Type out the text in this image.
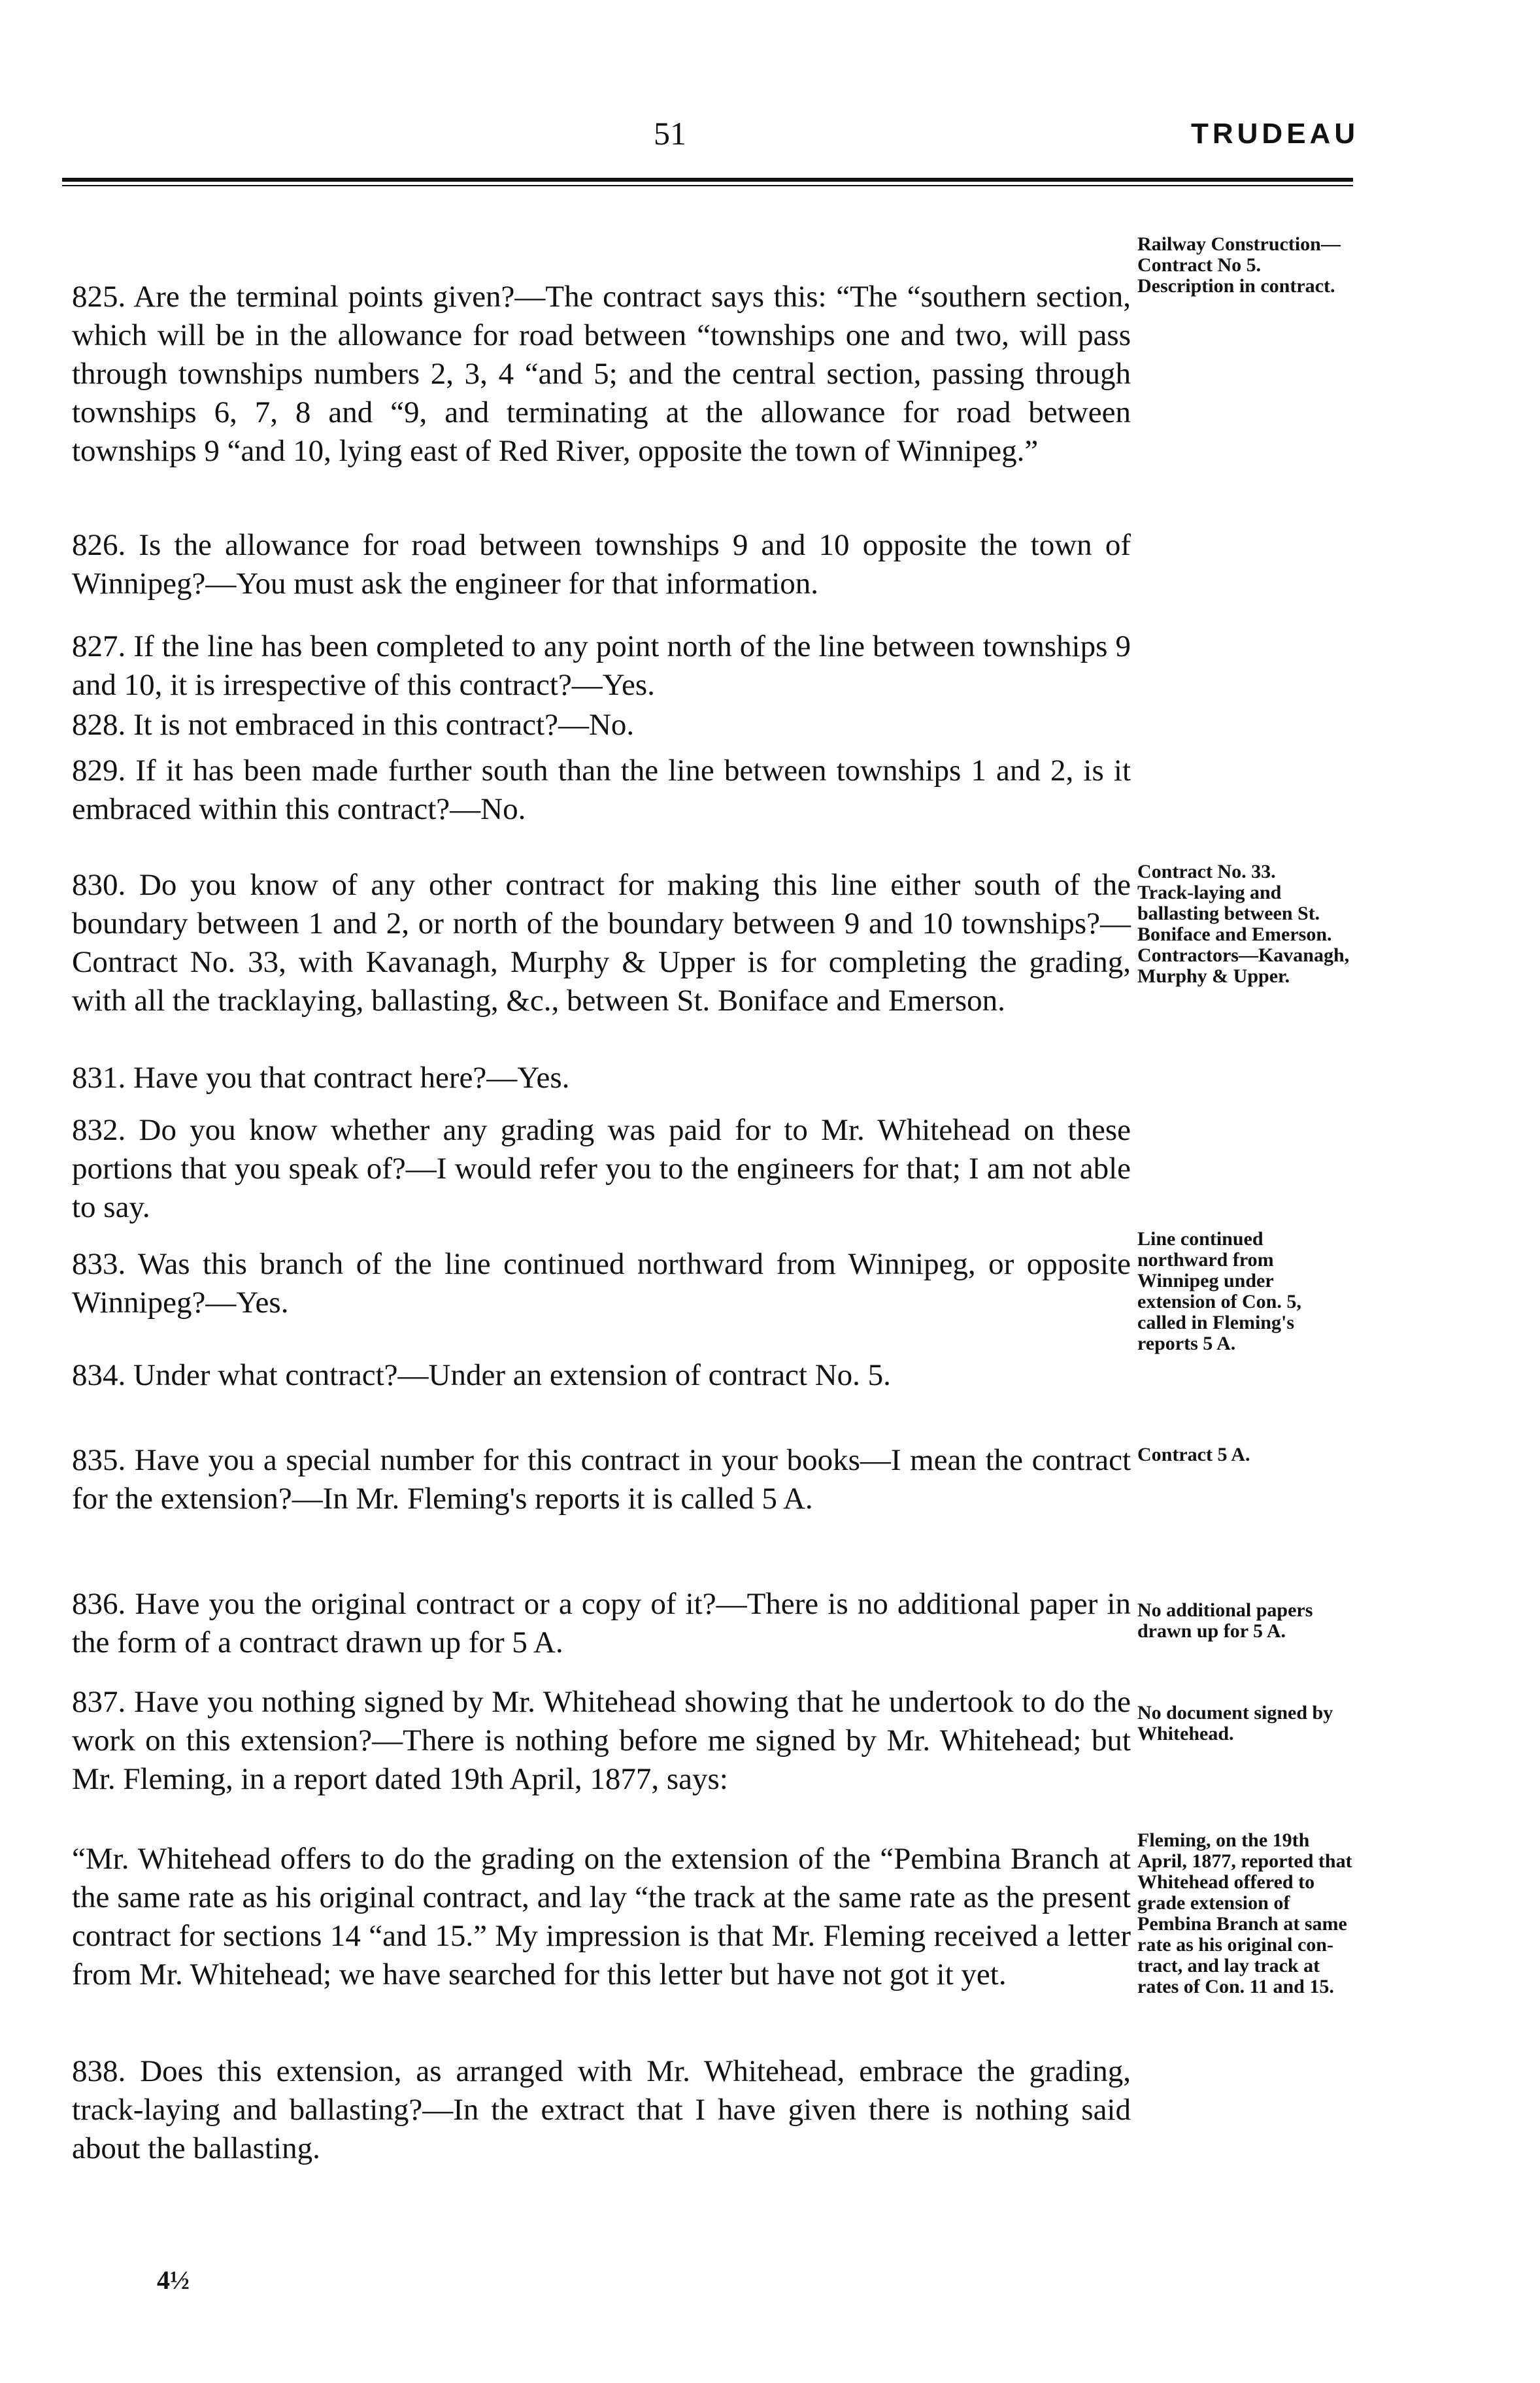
51	TRUDEAU

825. Are the terminal points given?—The contract says this: “The “southern section, which will be in the allowance for road between “townships one and two, will pass through townships numbers 2, 3, 4 “and 5; and the central section, passing through townships 6, 7, 8 and “9, and terminating at the allowance for road between townships 9 “and 10, lying east of Red River, opposite the town of Winnipeg.”

826. Is the allowance for road between townships 9 and 10 opposite the town of Winnipeg?—You must ask the engineer for that information.

827. If the line has been completed to any point north of the line between townships 9 and 10, it is irrespective of this contract?—Yes.

828. It is not embraced in this contract?—No.

829. If it has been made further south than the line between townships 1 and 2, is it embraced within this contract?—No.

830. Do you know of any other contract for making this line either south of the boundary between 1 and 2, or north of the boundary between 9 and 10 townships?—Contract No. 33, with Kavanagh, Murphy & Upper is for completing the grading, with all the tracklaying, ballasting, &c., between St. Boniface and Emerson.

831. Have you that contract here?—Yes.

832. Do you know whether any grading was paid for to Mr. Whitehead on these portions that you speak of?—I would refer you to the engineers for that; I am not able to say.

833. Was this branch of the line continued northward from Winnipeg, or opposite Winnipeg?—Yes.

834. Under what contract?—Under an extension of contract No. 5.

835. Have you a special number for this contract in your books—I mean the contract for the extension?—In Mr. Fleming's reports it is called 5 A.

836. Have you the original contract or a copy of it?—There is no additional paper in the form of a contract drawn up for 5 A.

837. Have you nothing signed by Mr. Whitehead showing that he undertook to do the work on this extension?—There is nothing before me signed by Mr. Whitehead; but Mr. Fleming, in a report dated 19th April, 1877, says:

“Mr. Whitehead offers to do the grading on the extension of the “Pembina Branch at the same rate as his original contract, and lay “the track at the same rate as the present contract for sections 14 “and 15.” My impression is that Mr. Fleming received a letter from Mr. Whitehead; we have searched for this letter but have not got it yet.

838. Does this extension, as arranged with Mr. Whitehead, embrace the grading, track-laying and ballasting?—In the extract that I have given there is nothing said about the ballasting.

4½
Railway Construction—Contract No 5.
Description in contract.
Contract No. 33.
Track-laying and ballasting between St. Boniface and Emerson. Contractors—Kavanagh, Murphy & Upper.
Line continued northward from Winnipeg under extension of Con. 5, called in Fleming's reports 5 A.
Contract 5 A.
No additional papers drawn up for 5 A.
No document signed by Whitehead.
Fleming, on the 19th April, 1877, reported that Whitehead offered to grade extension of Pembina Branch at same rate as his original contract, and lay track at rates of Con. 11 and 15.
